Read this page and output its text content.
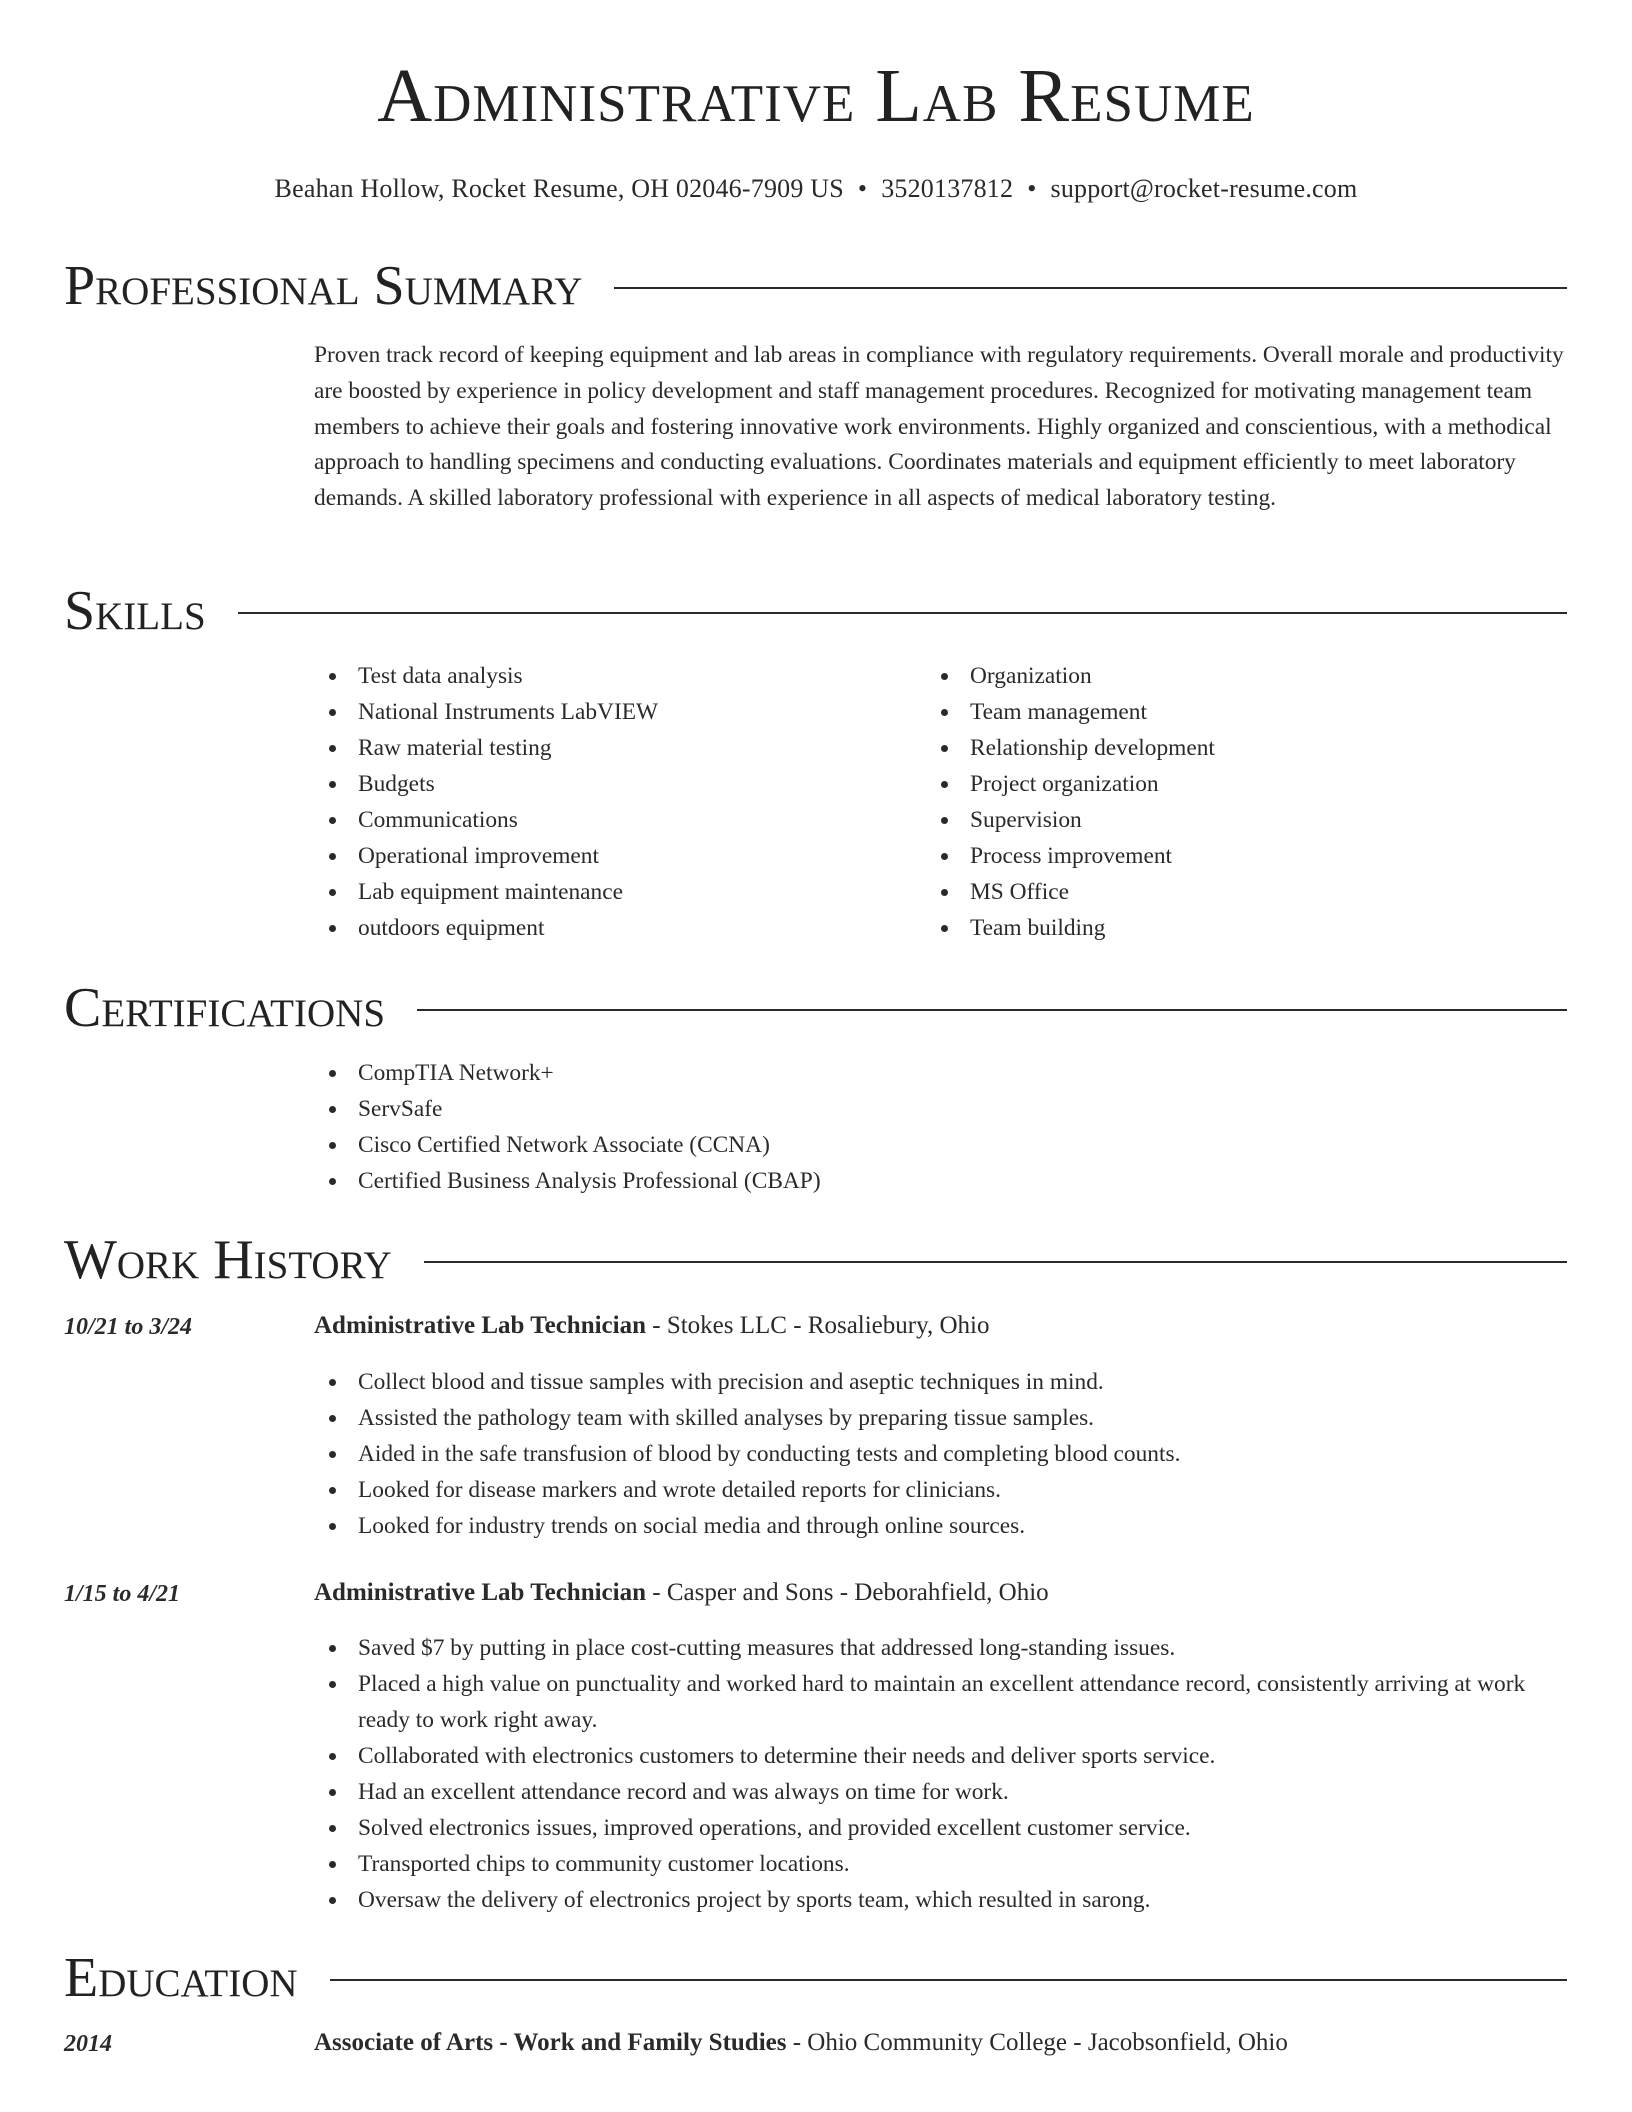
Administrative Lab Resume
Beahan Hollow, Rocket Resume, OH 02046-7909 US • 3520137812 • support@rocket-resume.com
Professional Summary

Proven track record of keeping equipment and lab areas in compliance with regulatory requirements. Overall morale and productivity are boosted by experience in policy development and staff management procedures. Recognized for motivating management team members to achieve their goals and fostering innovative work environments. Highly organized and conscientious, with a methodical approach to handling specimens and conducting evaluations. Coordinates materials and equipment efficiently to meet laboratory demands. A skilled laboratory professional with experience in all aspects of medical laboratory testing.

Skills
Test data analysis
National Instruments LabVIEW
Raw material testing
Budgets
Communications
Operational improvement
Lab equipment maintenance
outdoors equipment
Organization
Team management
Relationship development
Project organization
Supervision
Process improvement
MS Office
Team building
Certifications
CompTIA Network+
ServSafe
Cisco Certified Network Associate (CCNA)
Certified Business Analysis Professional (CBAP)
Work History
10/21 to 3/24	Administrative Lab Technician - Stokes LLC - Rosaliebury, Ohio
Collect blood and tissue samples with precision and aseptic techniques in mind.
Assisted the pathology team with skilled analyses by preparing tissue samples.
Aided in the safe transfusion of blood by conducting tests and completing blood counts.
Looked for disease markers and wrote detailed reports for clinicians.
Looked for industry trends on social media and through online sources.
1/15 to 4/21	Administrative Lab Technician - Casper and Sons - Deborahfield, Ohio
Saved $7 by putting in place cost-cutting measures that addressed long-standing issues.
Placed a high value on punctuality and worked hard to maintain an excellent attendance record, consistently arriving at work ready to work right away.
Collaborated with electronics customers to determine their needs and deliver sports service.
Had an excellent attendance record and was always on time for work.
Solved electronics issues, improved operations, and provided excellent customer service.
Transported chips to community customer locations.
Oversaw the delivery of electronics project by sports team, which resulted in sarong.
Education
2014	Associate of Arts - Work and Family Studies - Ohio Community College - Jacobsonfield, Ohio
